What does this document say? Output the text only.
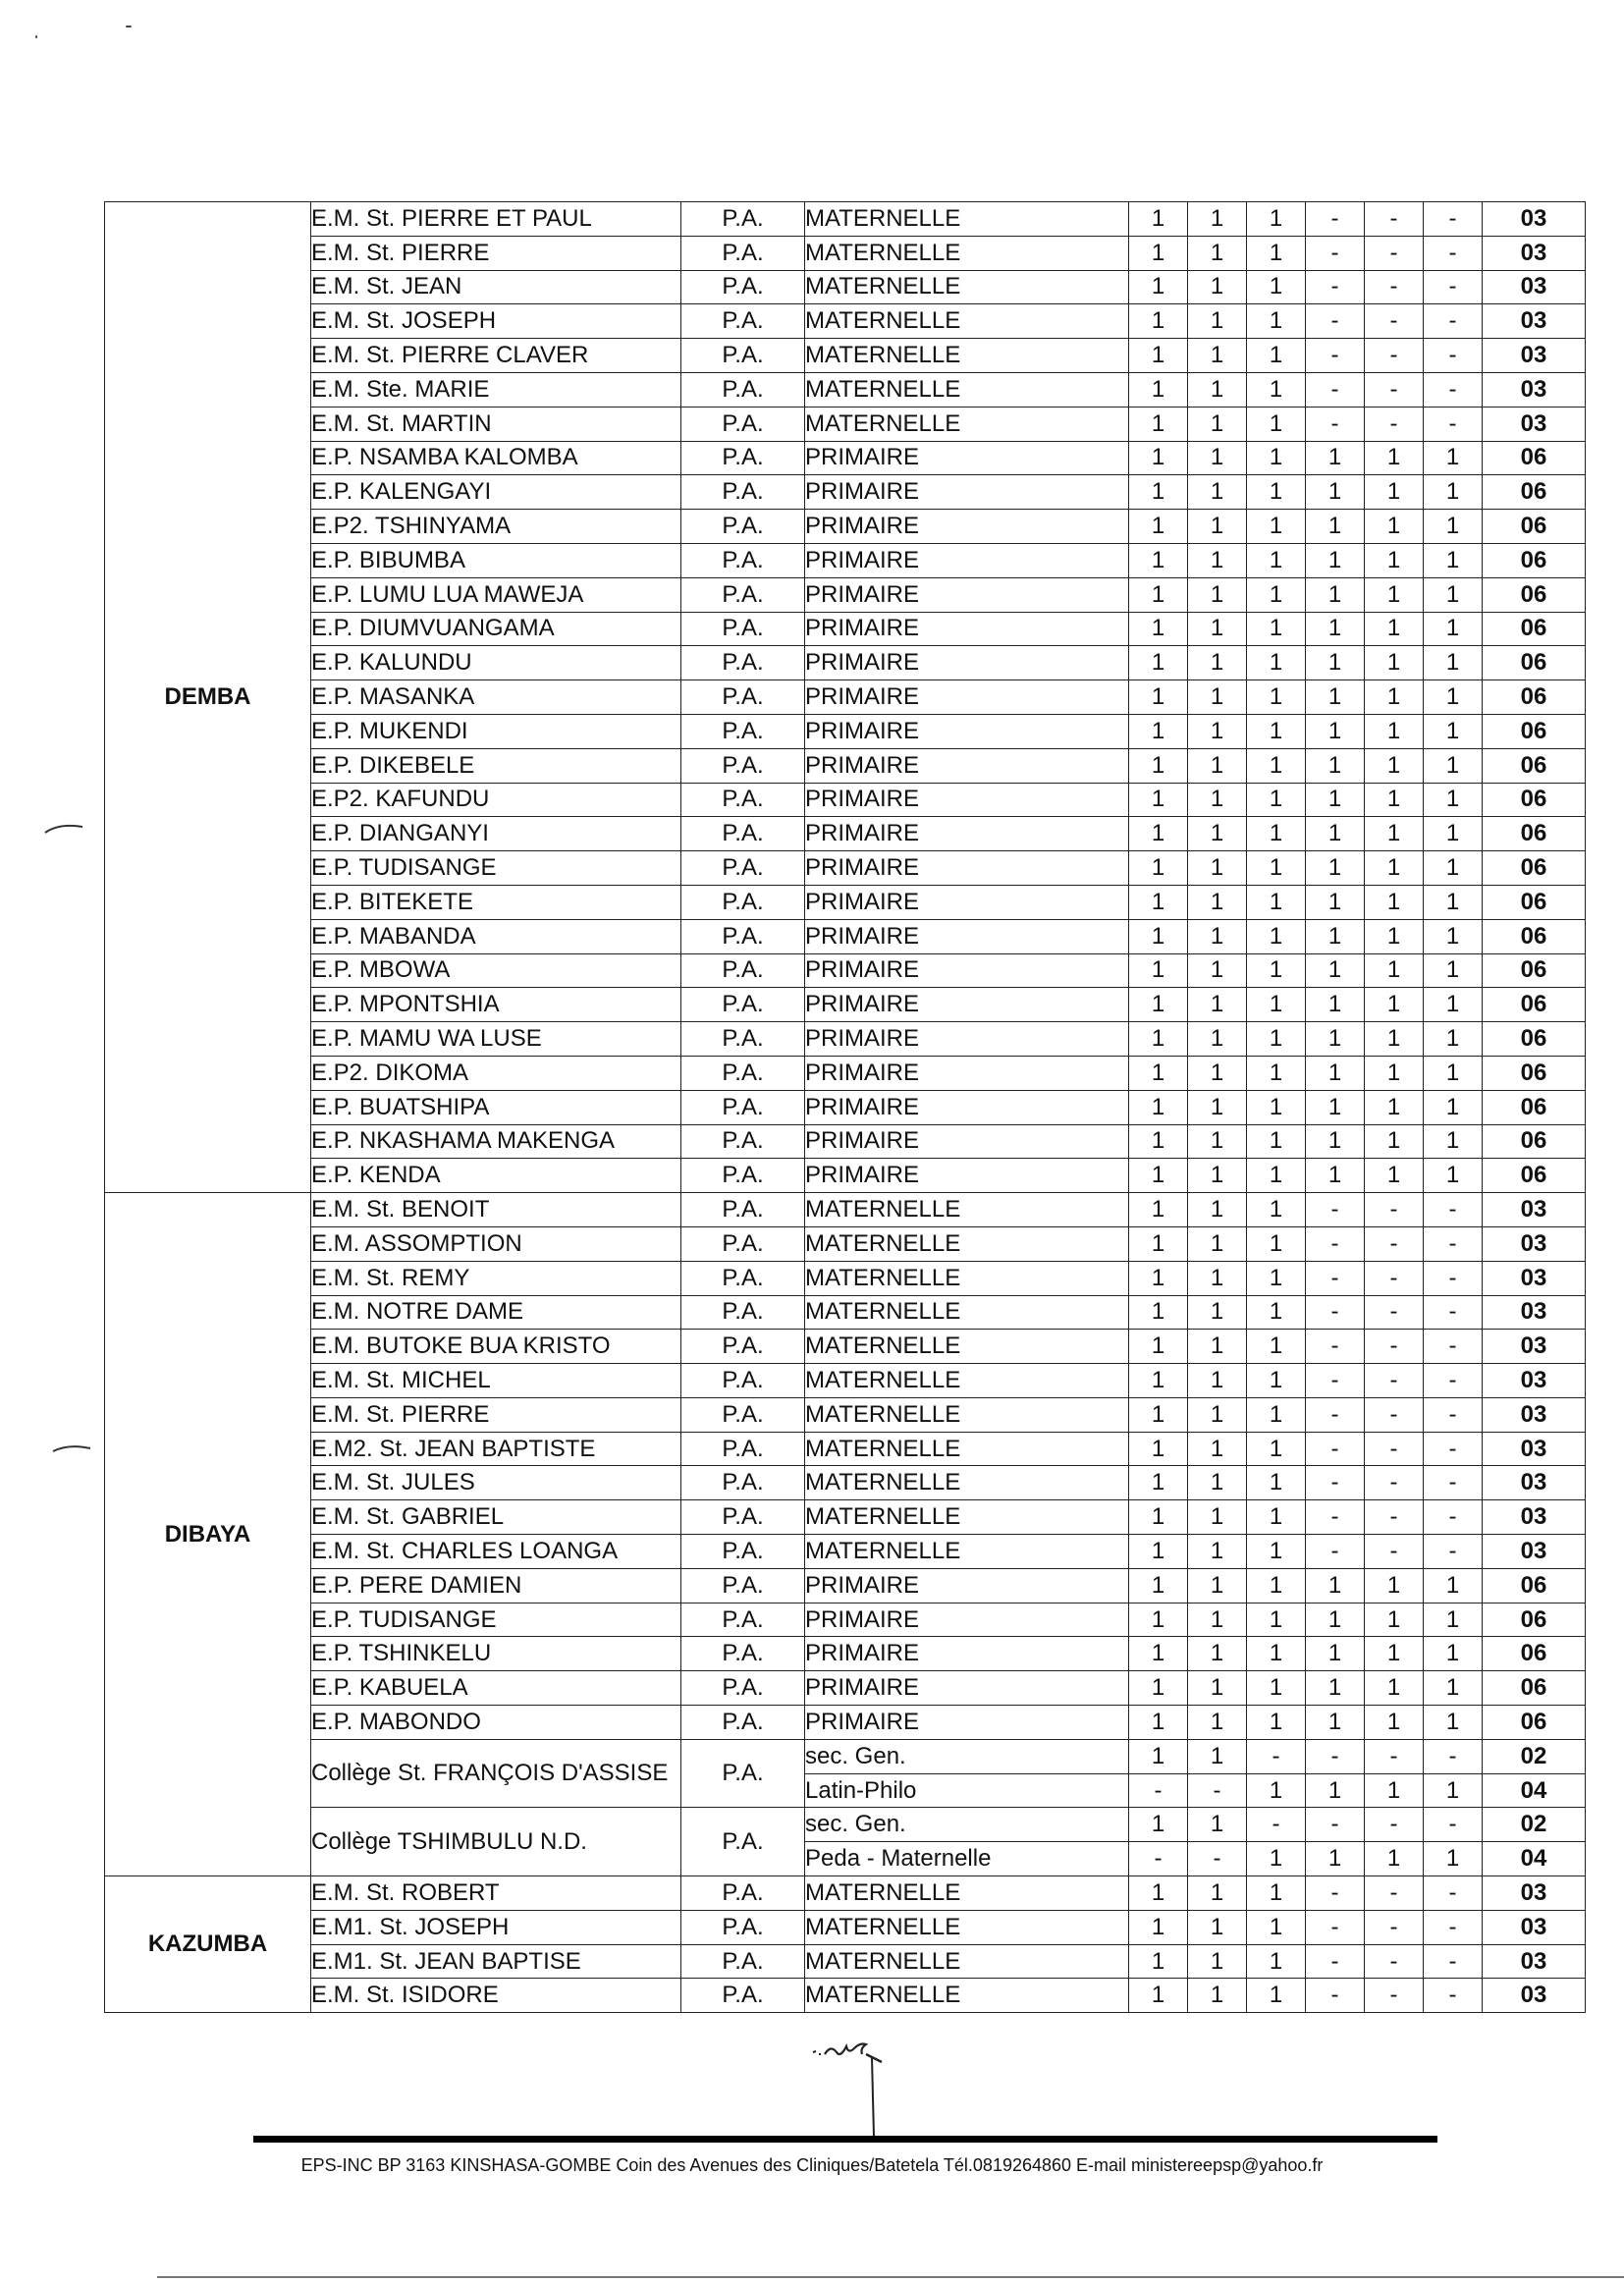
DEMBA	E.M. St. PIERRE ET PAUL	P.A.	MATERNELLE	1	1	1	-	-	-	03
	E.M. St. PIERRE	P.A.	MATERNELLE	1	1	1	-	-	-	03
	E.M. St. JEAN	P.A.	MATERNELLE	1	1	1	-	-	-	03
	E.M. St. JOSEPH	P.A.	MATERNELLE	1	1	1	-	-	-	03
	E.M. St. PIERRE CLAVER	P.A.	MATERNELLE	1	1	1	-	-	-	03
	E.M. Ste. MARIE	P.A.	MATERNELLE	1	1	1	-	-	-	03
	E.M. St. MARTIN	P.A.	MATERNELLE	1	1	1	-	-	-	03
	E.P. NSAMBA KALOMBA	P.A.	PRIMAIRE	1	1	1	1	1	1	06
	E.P. KALENGAYI	P.A.	PRIMAIRE	1	1	1	1	1	1	06
	E.P2. TSHINYAMA	P.A.	PRIMAIRE	1	1	1	1	1	1	06
	E.P. BIBUMBA	P.A.	PRIMAIRE	1	1	1	1	1	1	06
	E.P. LUMU LUA MAWEJA	P.A.	PRIMAIRE	1	1	1	1	1	1	06
	E.P. DIUMVUANGAMA	P.A.	PRIMAIRE	1	1	1	1	1	1	06
	E.P. KALUNDU	P.A.	PRIMAIRE	1	1	1	1	1	1	06
	E.P. MASANKA	P.A.	PRIMAIRE	1	1	1	1	1	1	06
	E.P. MUKENDI	P.A.	PRIMAIRE	1	1	1	1	1	1	06
	E.P. DIKEBELE	P.A.	PRIMAIRE	1	1	1	1	1	1	06
	E.P2. KAFUNDU	P.A.	PRIMAIRE	1	1	1	1	1	1	06
	E.P. DIANGANYI	P.A.	PRIMAIRE	1	1	1	1	1	1	06
	E.P. TUDISANGE	P.A.	PRIMAIRE	1	1	1	1	1	1	06
	E.P. BITEKETE	P.A.	PRIMAIRE	1	1	1	1	1	1	06
	E.P. MABANDA	P.A.	PRIMAIRE	1	1	1	1	1	1	06
	E.P. MBOWA	P.A.	PRIMAIRE	1	1	1	1	1	1	06
	E.P. MPONTSHIA	P.A.	PRIMAIRE	1	1	1	1	1	1	06
	E.P. MAMU WA LUSE	P.A.	PRIMAIRE	1	1	1	1	1	1	06
	E.P2. DIKOMA	P.A.	PRIMAIRE	1	1	1	1	1	1	06
	E.P. BUATSHIPA	P.A.	PRIMAIRE	1	1	1	1	1	1	06
	E.P. NKASHAMA MAKENGA	P.A.	PRIMAIRE	1	1	1	1	1	1	06
	E.P. KENDA	P.A.	PRIMAIRE	1	1	1	1	1	1	06
DIBAYA	E.M. St. BENOIT	P.A.	MATERNELLE	1	1	1	-	-	-	03
	E.M. ASSOMPTION	P.A.	MATERNELLE	1	1	1	-	-	-	03
	E.M. St. REMY	P.A.	MATERNELLE	1	1	1	-	-	-	03
	E.M. NOTRE DAME	P.A.	MATERNELLE	1	1	1	-	-	-	03
	E.M. BUTOKE BUA KRISTO	P.A.	MATERNELLE	1	1	1	-	-	-	03
	E.M. St. MICHEL	P.A.	MATERNELLE	1	1	1	-	-	-	03
	E.M. St. PIERRE	P.A.	MATERNELLE	1	1	1	-	-	-	03
	E.M2. St. JEAN BAPTISTE	P.A.	MATERNELLE	1	1	1	-	-	-	03
	E.M. St. JULES	P.A.	MATERNELLE	1	1	1	-	-	-	03
	E.M. St. GABRIEL	P.A.	MATERNELLE	1	1	1	-	-	-	03
	E.M. St. CHARLES LOANGA	P.A.	MATERNELLE	1	1	1	-	-	-	03
	E.P. PERE DAMIEN	P.A.	PRIMAIRE	1	1	1	1	1	1	06
	E.P. TUDISANGE	P.A.	PRIMAIRE	1	1	1	1	1	1	06
	E.P. TSHINKELU	P.A.	PRIMAIRE	1	1	1	1	1	1	06
	E.P. KABUELA	P.A.	PRIMAIRE	1	1	1	1	1	1	06
	E.P. MABONDO	P.A.	PRIMAIRE	1	1	1	1	1	1	06
	Collège St. FRANÇOIS D'ASSISE	P.A.	sec. Gen.	1	1	-	-	-	-	02
			Latin-Philo	-	-	1	1	1	1	04
	Collège TSHIMBULU N.D.	P.A.	sec. Gen.	1	1	-	-	-	-	02
			Peda - Maternelle	-	-	1	1	1	1	04
KAZUMBA	E.M. St. ROBERT	P.A.	MATERNELLE	1	1	1	-	-	-	03
	E.M1. St. JOSEPH	P.A.	MATERNELLE	1	1	1	-	-	-	03
	E.M1. St. JEAN BAPTISE	P.A.	MATERNELLE	1	1	1	-	-	-	03
	E.M. St. ISIDORE	P.A.	MATERNELLE	1	1	1	-	-	-	03
EPS-INC BP 3163 KINSHASA-GOMBE Coin des Avenues des Cliniques/Batetela Tél.0819264860 E-mail ministereepsp@yahoo.fr
